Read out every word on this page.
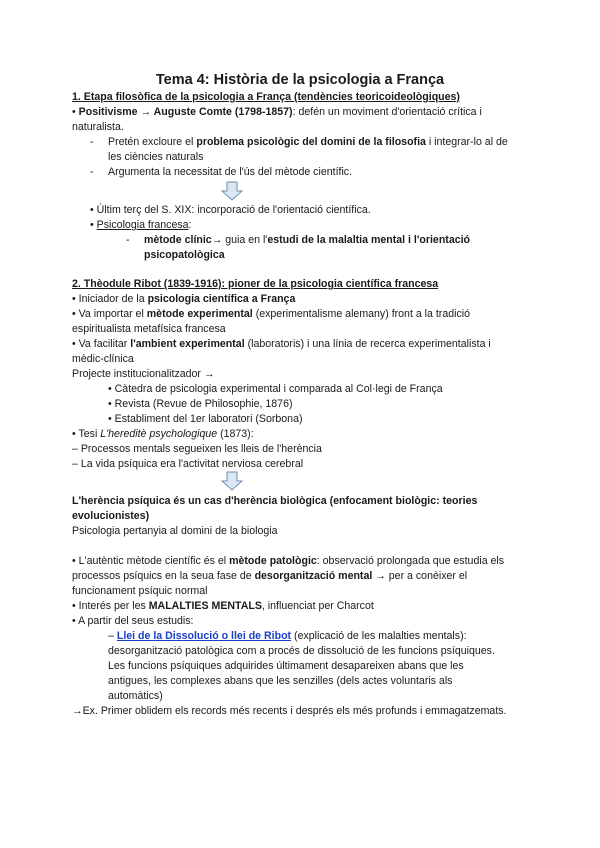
Tema 4: Història de la psicologia a França
1. Etapa filosòfica de la psicologia a França (tendències teoricoideològiques)
• Positivisme → Auguste Comte (1798-1857): defén un moviment d'orientació crítica i
naturalista.
- Pretén excloure el problema psicològic del domini de la filosofia i integrar-lo al de
les ciències naturals
- Argumenta la necessitat de l'ús del mètode científic.
• Últim terç del S. XIX: incorporació de l'orientació científica.
• Psicologia francesa:
- mètode clínic→ guia en l'estudi de la malaltia mental i l'orientació
psicopatològica
2. Thèodule Ribot (1839-1916): pioner de la psicologia científica francesa
• Iniciador de la psicologia científica a França
• Va importar el mètode experimental (experimentalisme alemany) front a la tradició
espiritualista metafísica francesa
• Va facilitar l'ambient experimental (laboratoris) i una línia de recerca experimentalista i
mèdic-clínica
Projecte institucionalitzador →
• Càtedra de psicologia experimental i comparada al Col·legi de França
• Revista (Revue de Philosophie, 1876)
• Establiment del 1er laboratori (Sorbona)
• Tesi L'hereditè psychologique (1873):
– Processos mentals segueixen les lleis de l'herència
– La vida psíquica era l'activitat nerviosa cerebral
L'herència psíquica és un cas d'herència biològica (enfocament biològic: teories
evolucionistes)
Psicologia pertanyia al domini de la biologia
• L'autèntic mètode científic és el mètode patològic: observació prolongada que estudia els
processos psíquics en la seua fase de desorganització mental → per a conèixer el
funcionament psíquic normal
• Interés per les MALALTIES MENTALS, influenciat per Charcot
• A partir del seus estudis:
– Llei de la Dissolució o llei de Ribot (explicació de les malalties mentals):
desorganització patològica com a procés de dissolució de les funcions psíquiques.
Les funcions psíquiques adquirides últimament desapareixen abans que les
antigues, les complexes abans que les senzilles (dels actes voluntaris als
automàtics)
→Ex. Primer oblidem els records més recents i després els més profunds i emmagatzemats.
